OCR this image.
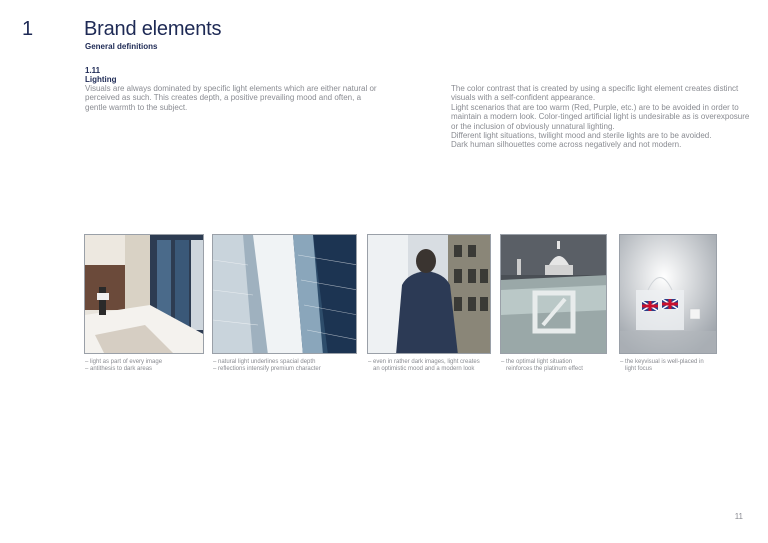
1	Brand elements
General definitions
1.11
Lighting

Visuals are always dominated by specific light elements which are either natural or perceived as such. This creates depth, a positive prevailing mood and often, a gentle warmth to the subject.

The color contrast that is created by using a specific light element creates distinct visuals with a self-confident appearance.

Light scenarios that are too warm (Red, Purple, etc.) are to be avoided in order to maintain a modern look. Color-tinged artificial light is undesirable as is overexposure or the inclusion of obviously unnatural lighting.

Different light situations, twilight mood and sterile lights are to be avoided.

Dark human silhouettes come across negatively and not modern.

– light as part of every image
– antithesis to dark areas
– natural light underlines spacial depth
– reflections intensify premium character
– even in rather dark images, light creates
an optimistic mood and a modern look
– the optimal light situation
reinforces the platinum effect
– the keyvisual is well-placed in
light focus
11
